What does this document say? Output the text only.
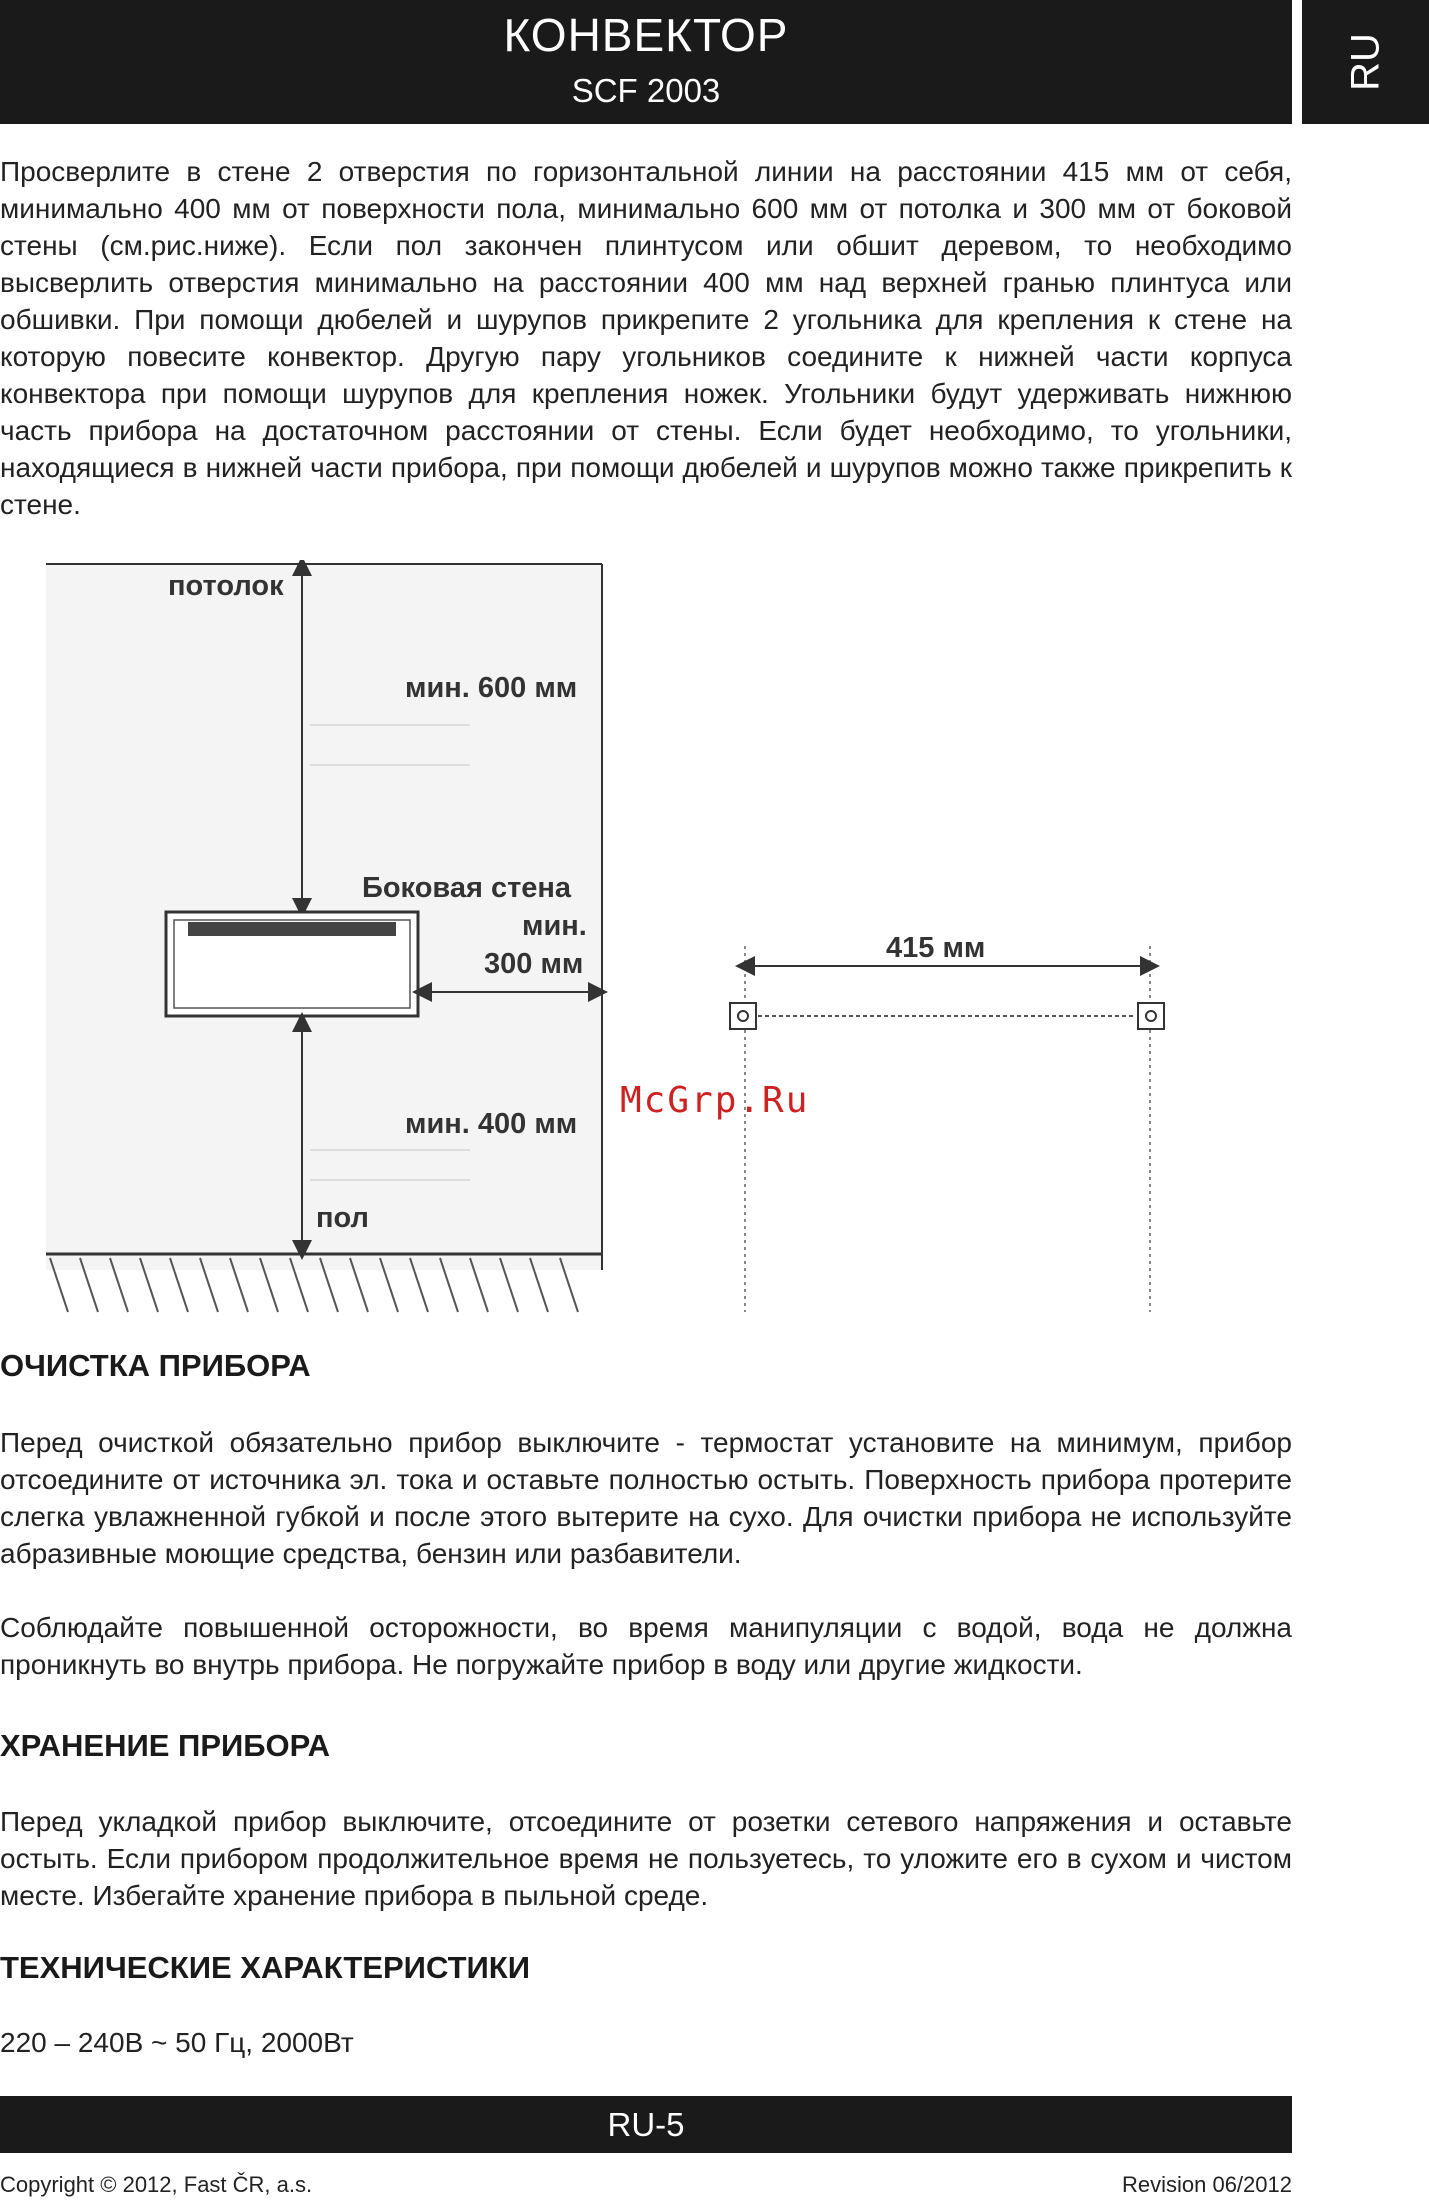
КОНВЕКТОР
SCF 2003	RU

Просверлите в стене 2 отверстия по горизонтальной линии на расстоянии 415 мм от себя, минимально 400 мм от поверхности пола, минимально 600 мм от потолка и 300 мм от боковой стены (см.рис.ниже). Если пол закончен плинтусом или обшит деревом, то необходимо высверлить отверстия минимально на расстоянии 400 мм над верхней гранью плинтуса или обшивки. При помощи дюбелей и шурупов прикрепите 2 угольника для крепления к стене на которую повесите конвектор. Другую пару угольников соедините к нижней части корпуса конвектора при помощи шурупов для крепления ножек. Угольники будут удерживать нижнюю часть прибора на достаточном расстоянии от стены. Если будет необходимо, то угольники, находящиеся в нижней части прибора, при помощи дюбелей и шурупов можно также прикрепить к стене.

потолок
мин. 600 мм
Боковая стена
мин.
300 мм
мин. 400 мм
пол
415 мм
McGrp.Ru
ОЧИСТКА ПРИБОРА

Перед очисткой обязательно прибор выключите - термостат установите на минимум, прибор отсоедините от источника эл. тока и оставьте полностью остыть. Поверхность прибора протерите слегка увлажненной губкой и после этого вытерите на сухо. Для очистки прибора не используйте абразивные моющие средства, бензин или разбавители.

Соблюдайте повышенной осторожности, во время манипуляции с водой, вода не должна проникнуть во внутрь прибора. Не погружайте прибор в воду или другие жидкости.

ХРАНЕНИЕ ПРИБОРА

Перед укладкой прибор выключите, отсоедините от розетки сетевого напряжения и оставьте остыть. Если прибором продолжительное время не пользуетесь, то уложите его в сухом и чистом месте. Избегайте хранение прибора в пыльной среде.

ТЕХНИЧЕСКИЕ ХАРАКТЕРИСТИКИ

220 – 240В ~ 50 Гц, 2000Вт

RU-5
Copyright © 2012, Fast ČR, a.s.	Revision 06/2012
